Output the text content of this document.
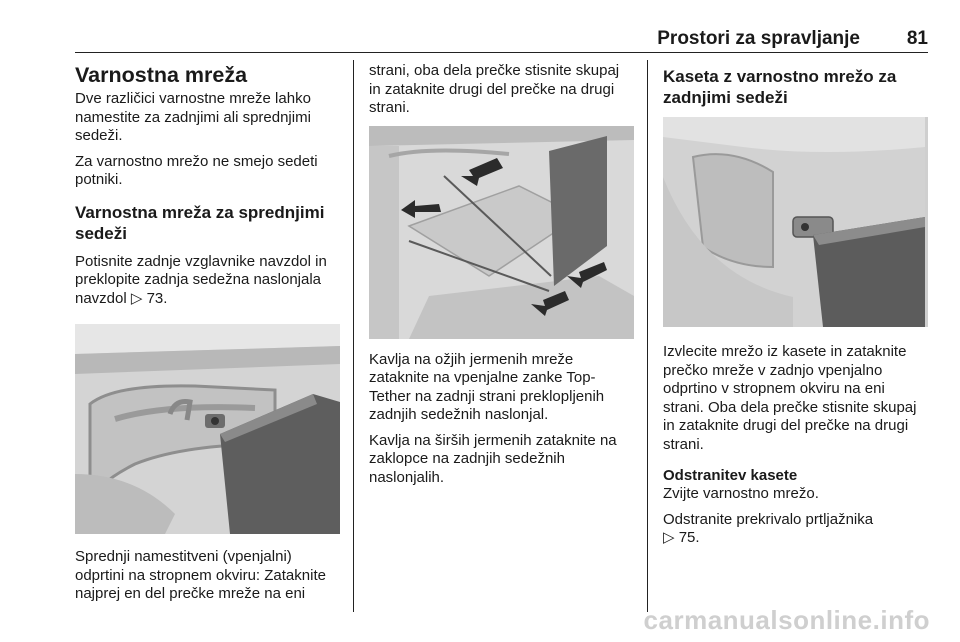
Prostori za spravljanje 81
Varnostna mreža

Dve različici varnostne mreže lahko namestite za zadnjimi ali sprednjimi sedeži.

Za varnostno mrežo ne smejo sedeti potniki.

Varnostna mreža za sprednjimi sedeži

Potisnite zadnje vzglavnike navzdol in preklopite zadnja sedežna naslonjala navzdol ▷ 73.

Sprednji namestitveni (vpenjalni) odprtini na stropnem okviru: Zataknite najprej en del prečke mreže na eni

strani, oba dela prečke stisnite skupaj in zataknite drugi del prečke na drugi strani.

Kavlja na ožjih jermenih mreže zataknite na vpenjalne zanke Top-Tether na zadnji strani preklopljenih zadnjih sedežnih naslonjal.

Kavlja na širših jermenih zataknite na zaklopce na zadnjih sedežnih naslonjalih.

Kaseta z varnostno mrežo za zadnjimi sedeži

Izvlecite mrežo iz kasete in zataknite prečko mreže v zadnjo vpenjalno odprtino v stropnem okviru na eni strani. Oba dela prečke stisnite skupaj in zataknite drugi del prečke na drugi strani.

Odstranitev kasete

Zvijte varnostno mrežo.

Odstranite prekrivalo prtljažnika
▷ 75.

carmanualsonline.info
